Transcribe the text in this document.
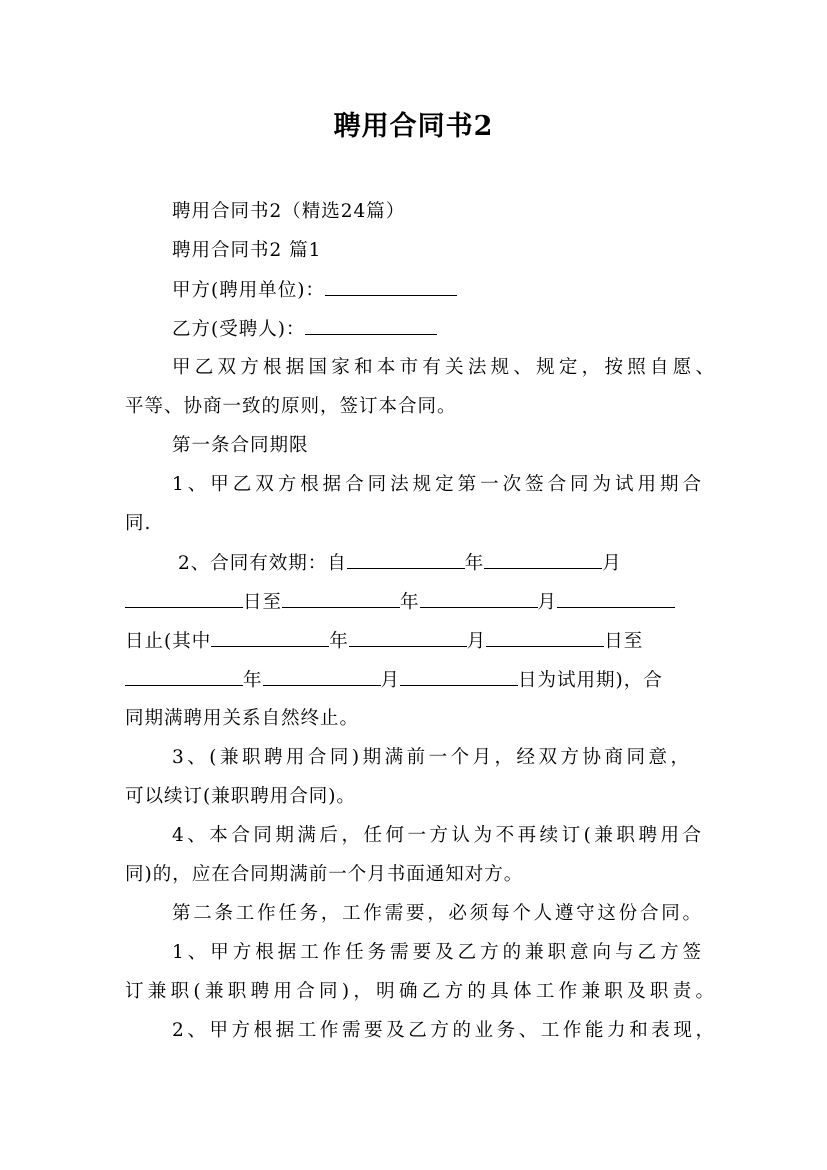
聘用合同书2
聘用合同书2（精选24篇）
聘用合同书2 篇1
甲方(聘用单位)：
乙方(受聘人)：
甲乙双方根据国家和本市有关法规、规定，按照自愿、
平等、协商一致的原则，签订本合同。
第一条合同期限
1、甲乙双方根据合同法规定第一次签合同为试用期合
同.
2、合同有效期：自	年	月
日至	年	月
日止(其中	年	月	日至
年	月	日为试用期)，合
同期满聘用关系自然终止。
3、(兼职聘用合同)期满前一个月，经双方协商同意，
可以续订(兼职聘用合同)。
4、本合同期满后，任何一方认为不再续订(兼职聘用合
同)的，应在合同期满前一个月书面通知对方。
第二条工作任务，工作需要，必须每个人遵守这份合同。
1、甲方根据工作任务需要及乙方的兼职意向与乙方签
订兼职(兼职聘用合同)，明确乙方的具体工作兼职及职责。
2、甲方根据工作需要及乙方的业务、工作能力和表现，
